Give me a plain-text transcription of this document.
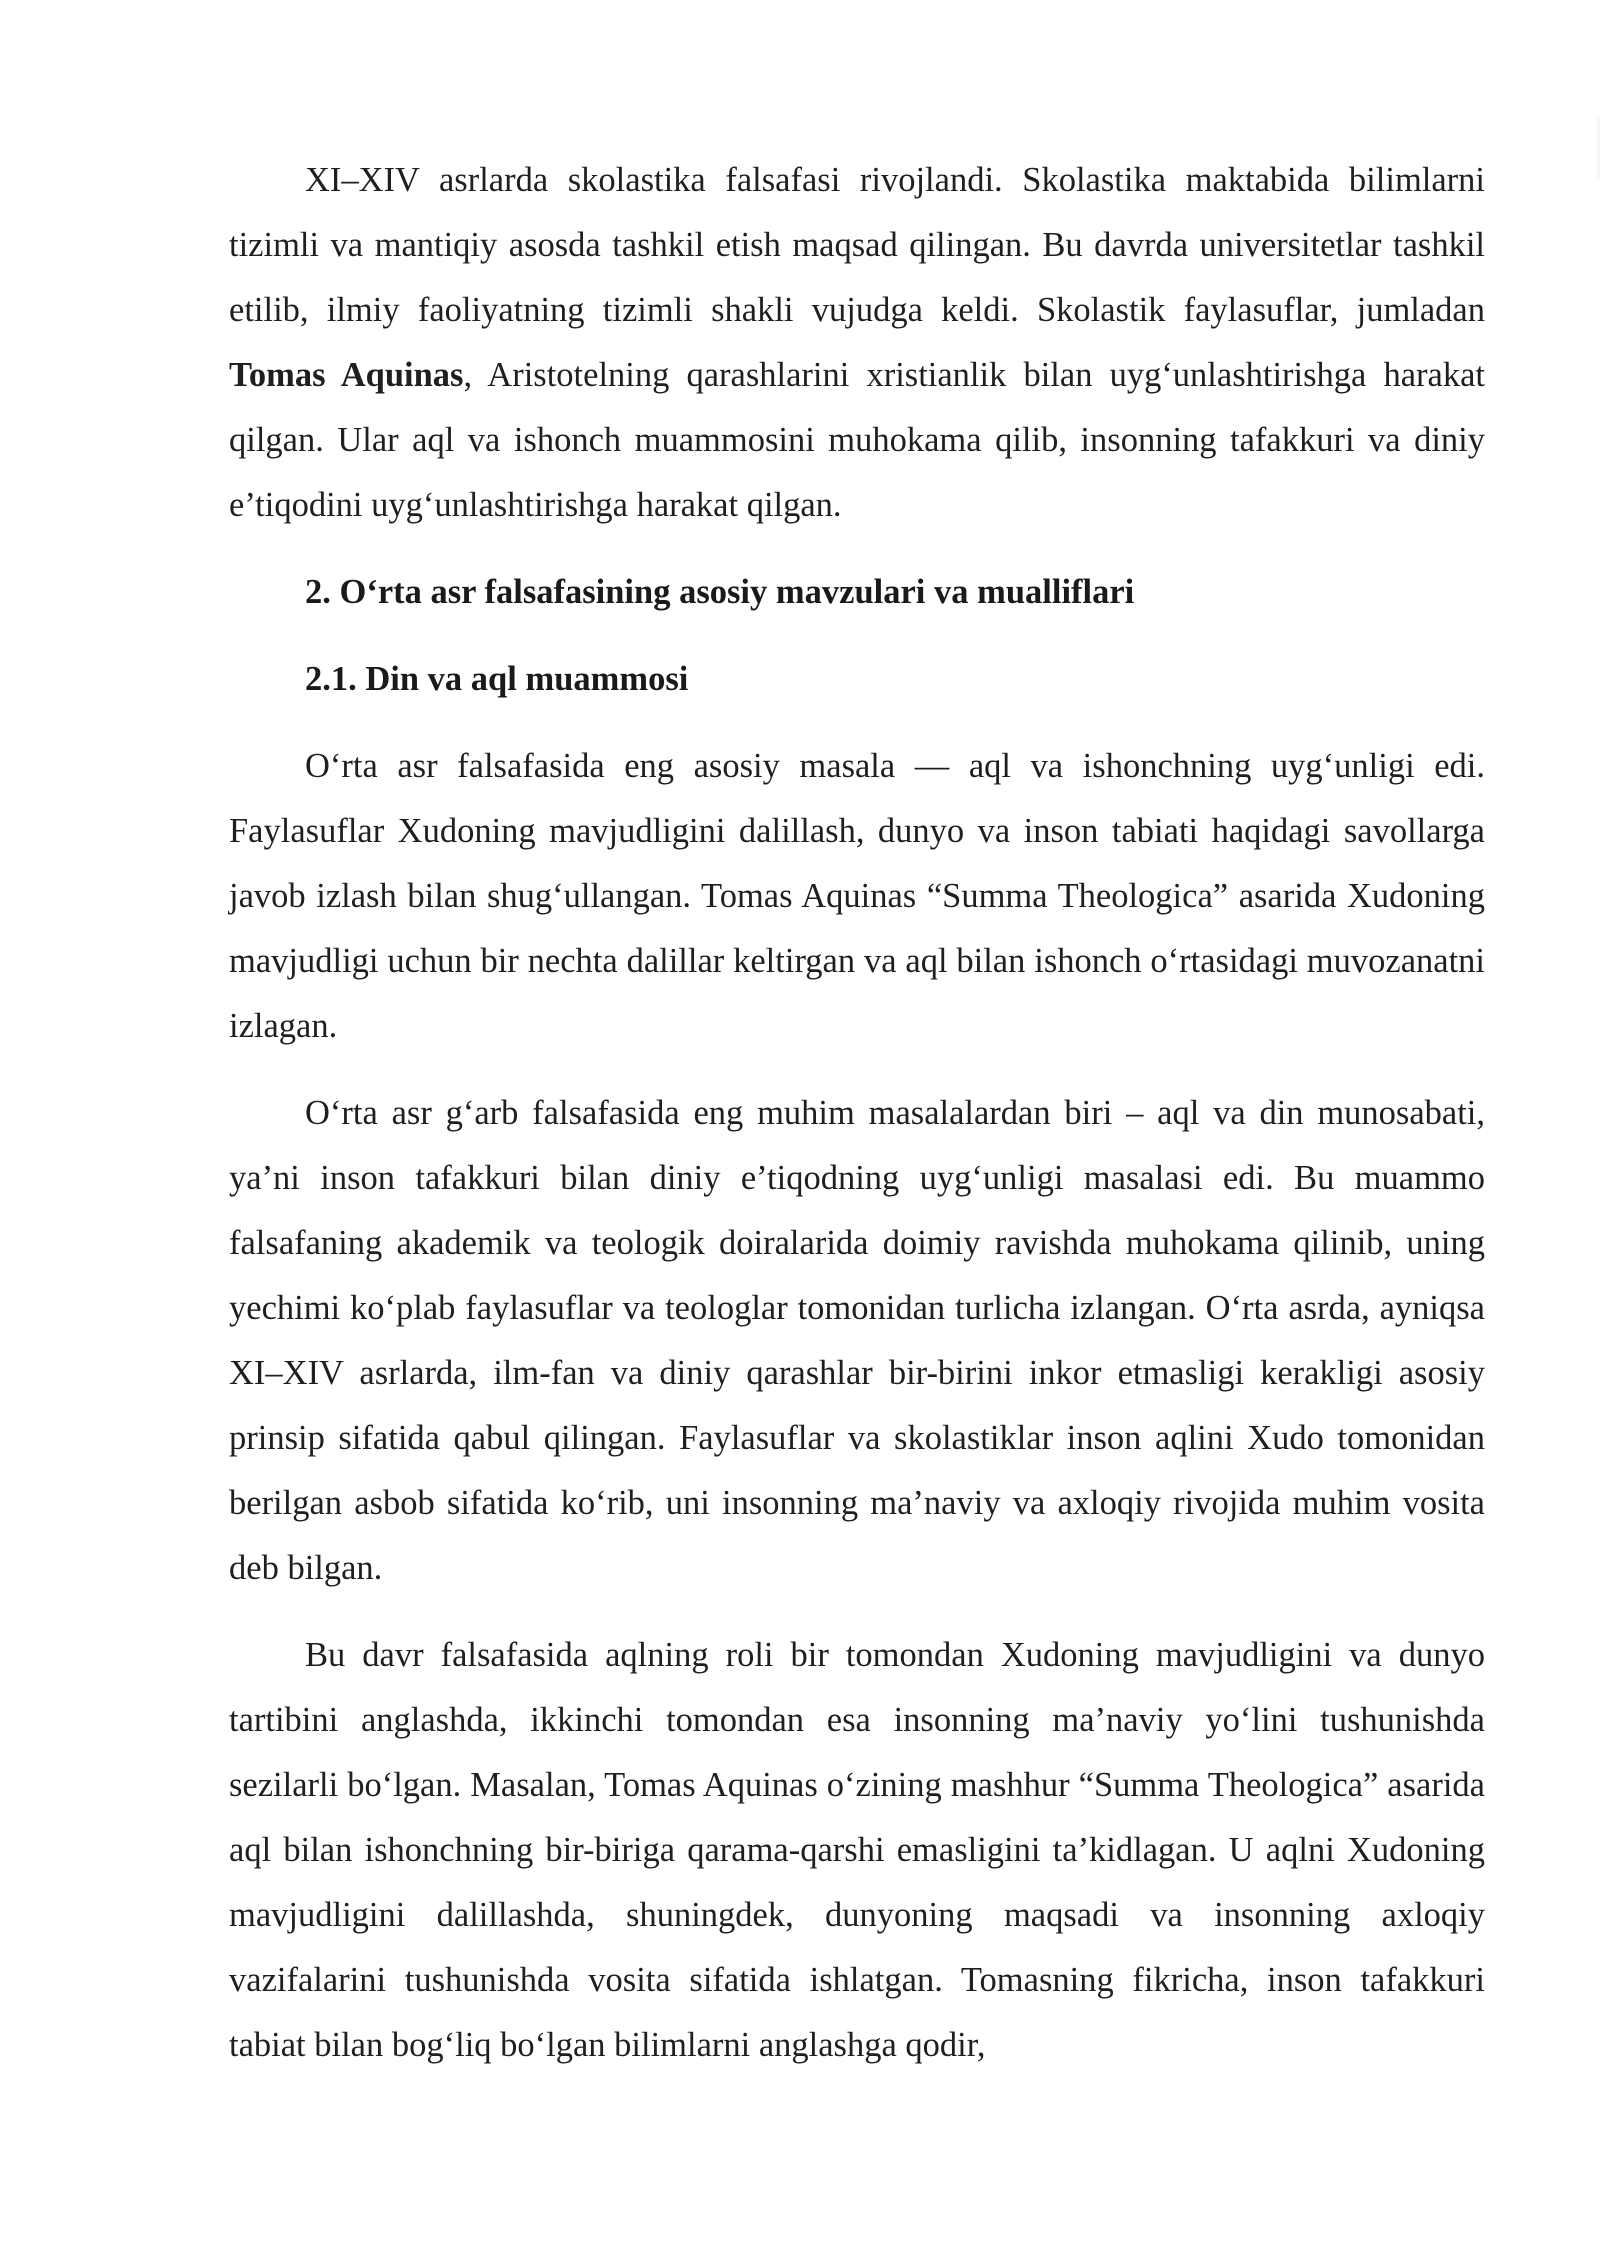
XI–XIV asrlarda skolastika falsafasi rivojlandi. Skolastika maktabida bilimlarni tizimli va mantiqiy asosda tashkil etish maqsad qilingan. Bu davrda universitetlar tashkil etilib, ilmiy faoliyatning tizimli shakli vujudga keldi. Skolastik faylasuflar, jumladan Tomas Aquinas, Aristotelning qarashlarini xristianlik bilan uyg‘unlashtirishga harakat qilgan. Ular aql va ishonch muammosini muhokama qilib, insonning tafakkuri va diniy e’tiqodini uyg‘unlashtirishga harakat qilgan.

2. O‘rta asr falsafasining asosiy mavzulari va mualliflari
2.1. Din va aql muammosi

O‘rta asr falsafasida eng asosiy masala — aql va ishonchning uyg‘unligi edi. Faylasuflar Xudoning mavjudligini dalillash, dunyo va inson tabiati haqidagi savollarga javob izlash bilan shug‘ullangan. Tomas Aquinas “Summa Theologica” asarida Xudoning mavjudligi uchun bir nechta dalillar keltirgan va aql bilan ishonch o‘rtasidagi muvozanatni izlagan.

O‘rta asr g‘arb falsafasida eng muhim masalalardan biri – aql va din munosabati, ya’ni inson tafakkuri bilan diniy e’tiqodning uyg‘unligi masalasi edi. Bu muammo falsafaning akademik va teologik doiralarida doimiy ravishda muhokama qilinib, uning yechimi ko‘plab faylasuflar va teologlar tomonidan turlicha izlangan. O‘rta asrda, ayniqsa XI–XIV asrlarda, ilm-fan va diniy qarashlar bir-birini inkor etmasligi kerakligi asosiy prinsip sifatida qabul qilingan. Faylasuflar va skolastiklar inson aqlini Xudo tomonidan berilgan asbob sifatida ko‘rib, uni insonning ma’naviy va axloqiy rivojida muhim vosita deb bilgan.

Bu davr falsafasida aqlning roli bir tomondan Xudoning mavjudligini va dunyo tartibini anglashda, ikkinchi tomondan esa insonning ma’naviy yo‘lini tushunishda sezilarli bo‘lgan. Masalan, Tomas Aquinas o‘zining mashhur “Summa Theologica” asarida aql bilan ishonchning bir-biriga qarama-qarshi emasligini ta’kidlagan. U aqlni Xudoning mavjudligini dalillashda, shuningdek, dunyoning maqsadi va insonning axloqiy vazifalarini tushunishda vosita sifatida ishlatgan. Tomasning fikricha, inson tafakkuri tabiat bilan bog‘liq bo‘lgan bilimlarni anglashga qodir,
